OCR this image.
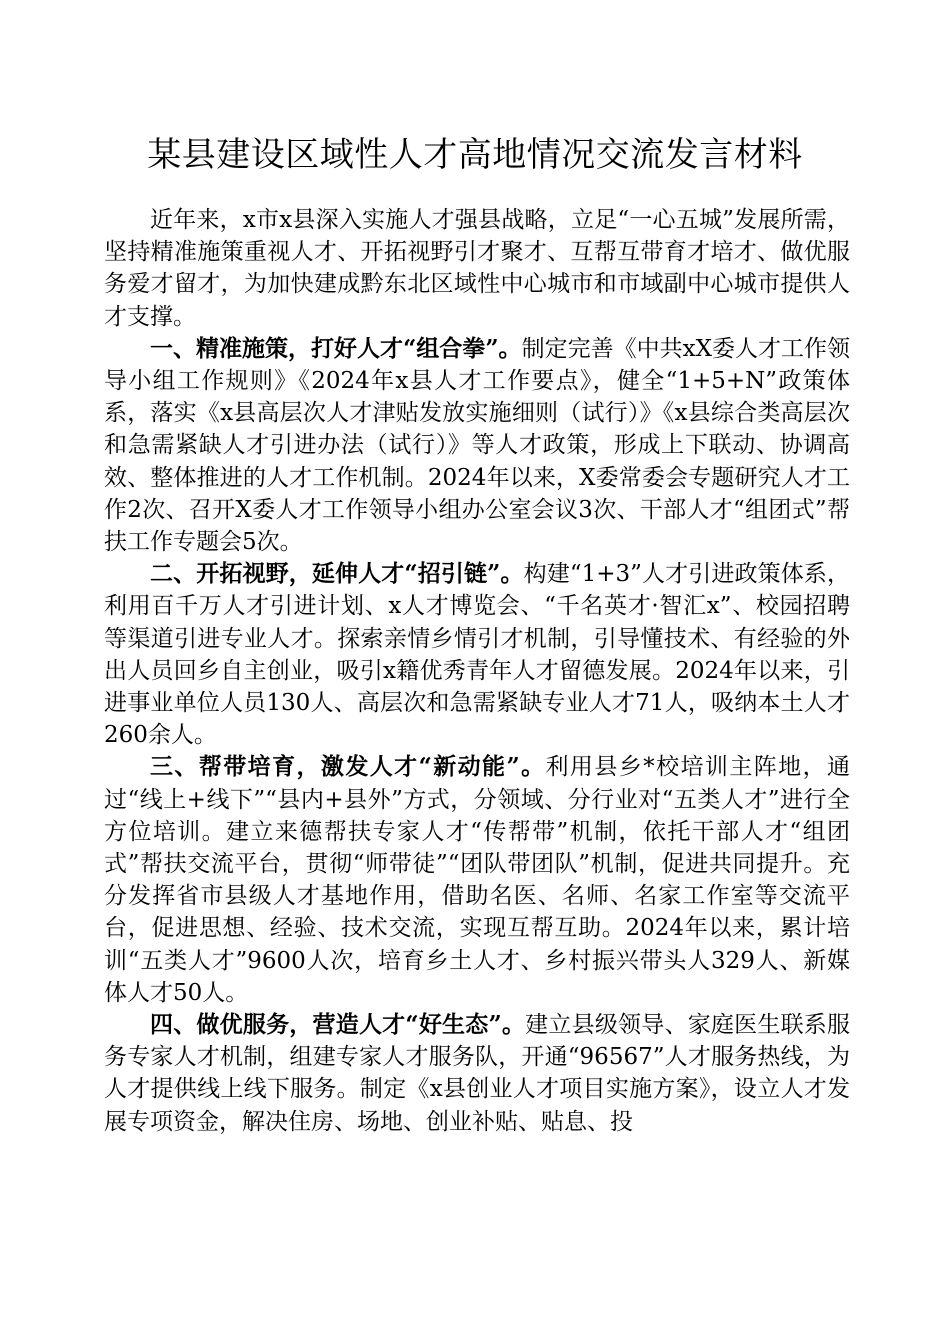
某县建设区域性人才高地情况交流发言材料

近年来，x市x县深入实施人才强县战略，立足“一心五城”发展所需，坚持精准施策重视人才、开拓视野引才聚才、互帮互带育才培才、做优服务爱才留才，为加快建成黔东北区域性中心城市和市域副中心城市提供人才支撑。

一、精准施策，打好人才“组合拳”。制定完善《中共xX委人才工作领导小组工作规则》《2024年x县人才工作要点》，健全“1+5+N”政策体系，落实《x县高层次人才津贴发放实施细则（试行）》《x县综合类高层次和急需紧缺人才引进办法（试行）》等人才政策，形成上下联动、协调高效、整体推进的人才工作机制。2024年以来，X委常委会专题研究人才工作2次、召开X委人才工作领导小组办公室会议3次、干部人才“组团式”帮扶工作专题会5次。

二、开拓视野，延伸人才“招引链”。构建“1+3”人才引进政策体系，利用百千万人才引进计划、x人才博览会、“千名英才·智汇x”、校园招聘等渠道引进专业人才。探索亲情乡情引才机制，引导懂技术、有经验的外出人员回乡自主创业，吸引x籍优秀青年人才留德发展。2024年以来，引进事业单位人员130人、高层次和急需紧缺专业人才71人，吸纳本土人才260余人。

三、帮带培育，激发人才“新动能”。利用县乡*校培训主阵地，通过“线上+线下”“县内+县外”方式，分领域、分行业对“五类人才”进行全方位培训。建立来德帮扶专家人才“传帮带”机制，依托干部人才“组团式”帮扶交流平台，贯彻“师带徒”“团队带团队”机制，促进共同提升。充分发挥省市县级人才基地作用，借助名医、名师、名家工作室等交流平台，促进思想、经验、技术交流，实现互帮互助。2024年以来，累计培训“五类人才”9600人次，培育乡土人才、乡村振兴带头人329人、新媒体人才50人。

四、做优服务，营造人才“好生态”。建立县级领导、家庭医生联系服务专家人才机制，组建专家人才服务队，开通“96567”人才服务热线，为人才提供线上线下服务。制定《x县创业人才项目实施方案》，设立人才发展专项资金，解决住房、场地、创业补贴、贴息、投
